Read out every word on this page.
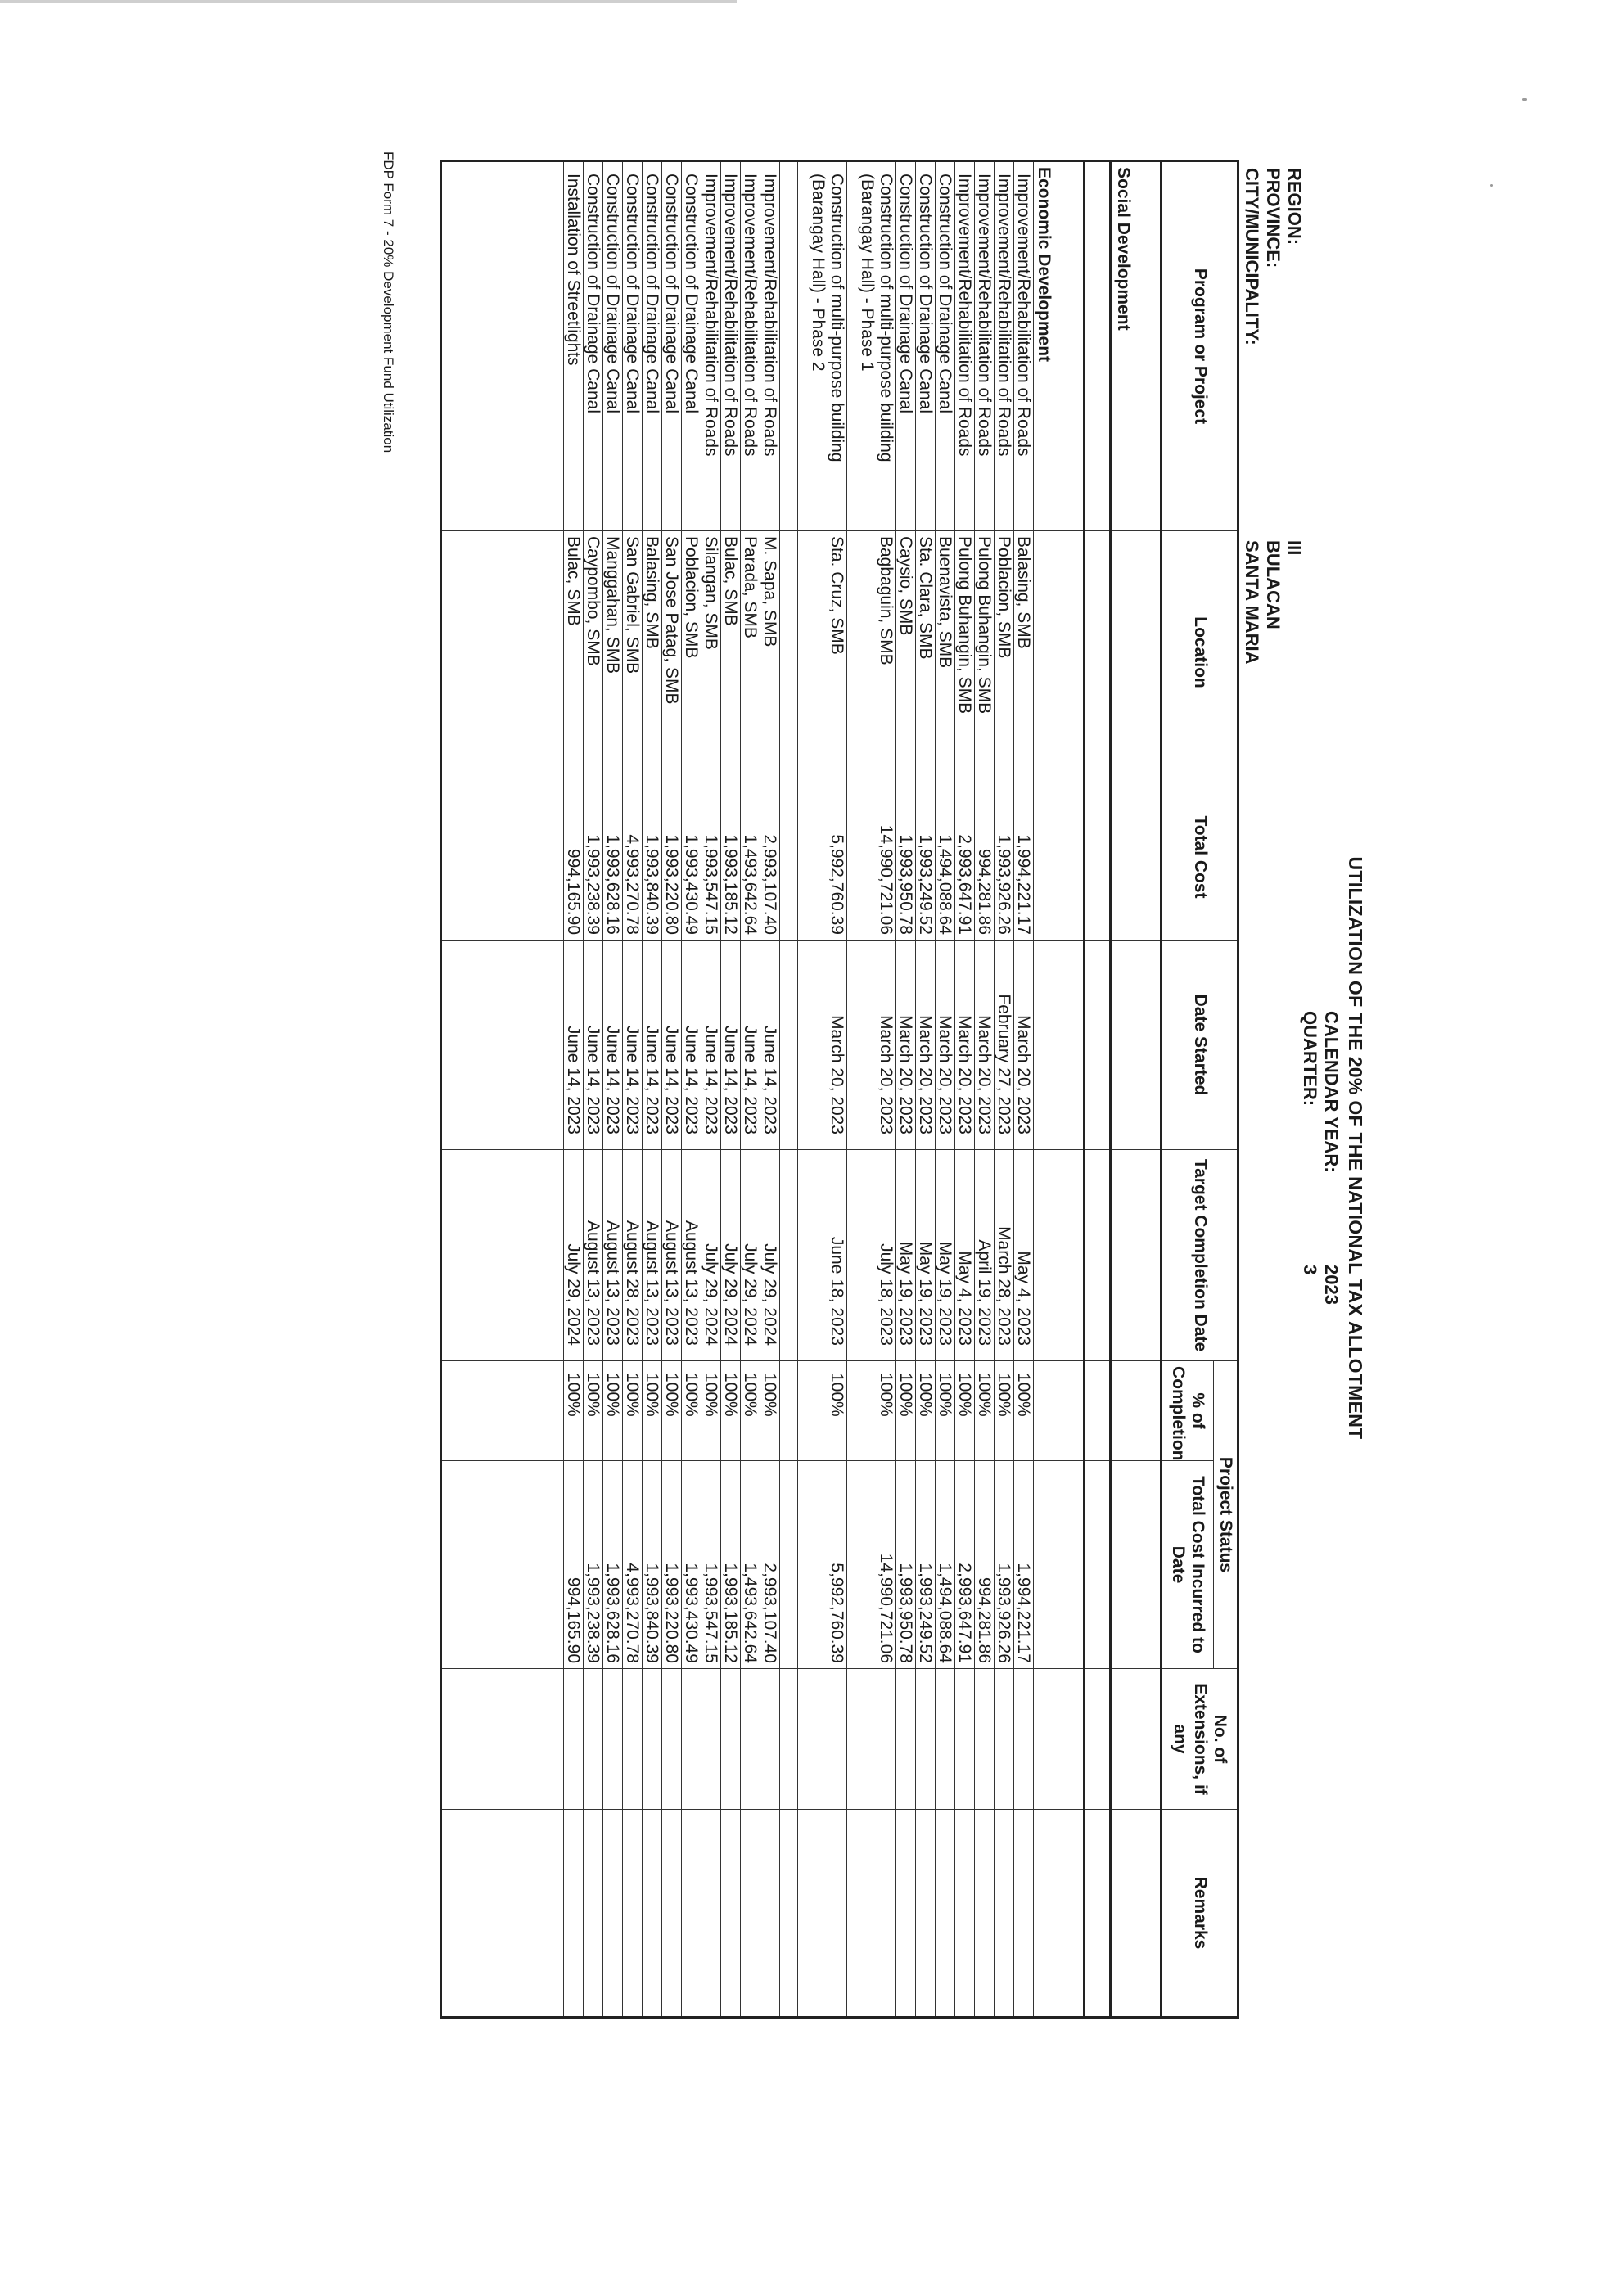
FDP Form 7 - 20% Development Fund Utilization
UTILIZATION OF THE 20% OF THE NATIONAL TAX ALLOTMENT
CALENDAR YEAR:2023
QUARTER:3
REGION:III
PROVINCE:BULACAN
CITY/MUNICIPALITY:SANTA MARIA
Program or Project	Location	Total Cost	Date Started	Target Completion Date	Project Status		No. of Extensions, if any	Remarks
					% of Completion	Total Cost Incurred to Date		

Social Development								

Economic Development								
Improvement/Rehabilitation of Roads	Balasing, SMB	1,994,221.17	March 20, 2023	May 4, 2023	100%	1,994,221.17		
Improvement/Rehabilitation of Roads	Poblacion, SMB	1,993,926.26	February 27, 2023	March 28, 2023	100%	1,993,926.26		
Improvement/Rehabilitation of Roads	Pulong Buhangin, SMB	994,281.86	March 20, 2023	April 19, 2023	100%	994,281.86		
Improvement/Rehabilitation of Roads	Pulong Buhangin, SMB	2,993,647.91	March 20, 2023	May 4, 2023	100%	2,993,647.91		
Construction of Drainage Canal	Buenavista, SMB	1,494,088.64	March 20, 2023	May 19, 2023	100%	1,494,088.64		
Construction of Drainage Canal	Sta. Clara, SMB	1,993,249.52	March 20, 2023	May 19, 2023	100%	1,993,249.52		
Construction of Drainage Canal	Caysio, SMB	1,993,950.78	March 20, 2023	May 19, 2023	100%	1,993,950.78		

Construction of multi-purpose building
(Barangay Hall) - Phase 1	Bagbaguin, SMB	14,990,721.06	March 20, 2023	July 18, 2023	100%	14,990,721.06		

Construction of multi-purpose building
(Barangay Hall) - Phase 2	Sta. Cruz, SMB	5,992,760.39	March 20, 2023	June 18, 2023	100%	5,992,760.39		

Improvement/Rehabilitation of Roads	M. Sapa, SMB	2,993,107.40	June 14, 2023	July 29, 2024	100%	2,993,107.40		
Improvement/Rehabilitation of Roads	Parada, SMB	1,493,642.64	June 14, 2023	July 29, 2024	100%	1,493,642.64		
Improvement/Rehabilitation of Roads	Bulac, SMB	1,993,185.12	June 14, 2023	July 29, 2024	100%	1,993,185.12		
Improvement/Rehabilitation of Roads	Silangan, SMB	1,993,547.15	June 14, 2023	July 29, 2024	100%	1,993,547.15		
Construction of Drainage Canal	Poblacion, SMB	1,993,430.49	June 14, 2023	August 13, 2023	100%	1,993,430.49		
Construction of Drainage Canal	San Jose Patag, SMB	1,993,220.80	June 14, 2023	August 13, 2023	100%	1,993,220.80		
Construction of Drainage Canal	Balasing, SMB	1,993,840.39	June 14, 2023	August 13, 2023	100%	1,993,840.39		
Construction of Drainage Canal	San Gabriel, SMB	4,993,270.78	June 14, 2023	August 28, 2023	100%	4,993,270.78		
Construction of Drainage Canal	Manggahan, SMB	1,993,628.16	June 14, 2023	August 13, 2023	100%	1,993,628.16		
Construction of Drainage Canal	Caypombo, SMB	1,993,238.39	June 14, 2023	August 13, 2023	100%	1,993,238.39		
Installation of Streetlights	Bulac, SMB	994,165.90	June 14, 2023	July 29, 2024	100%	994,165.90		
